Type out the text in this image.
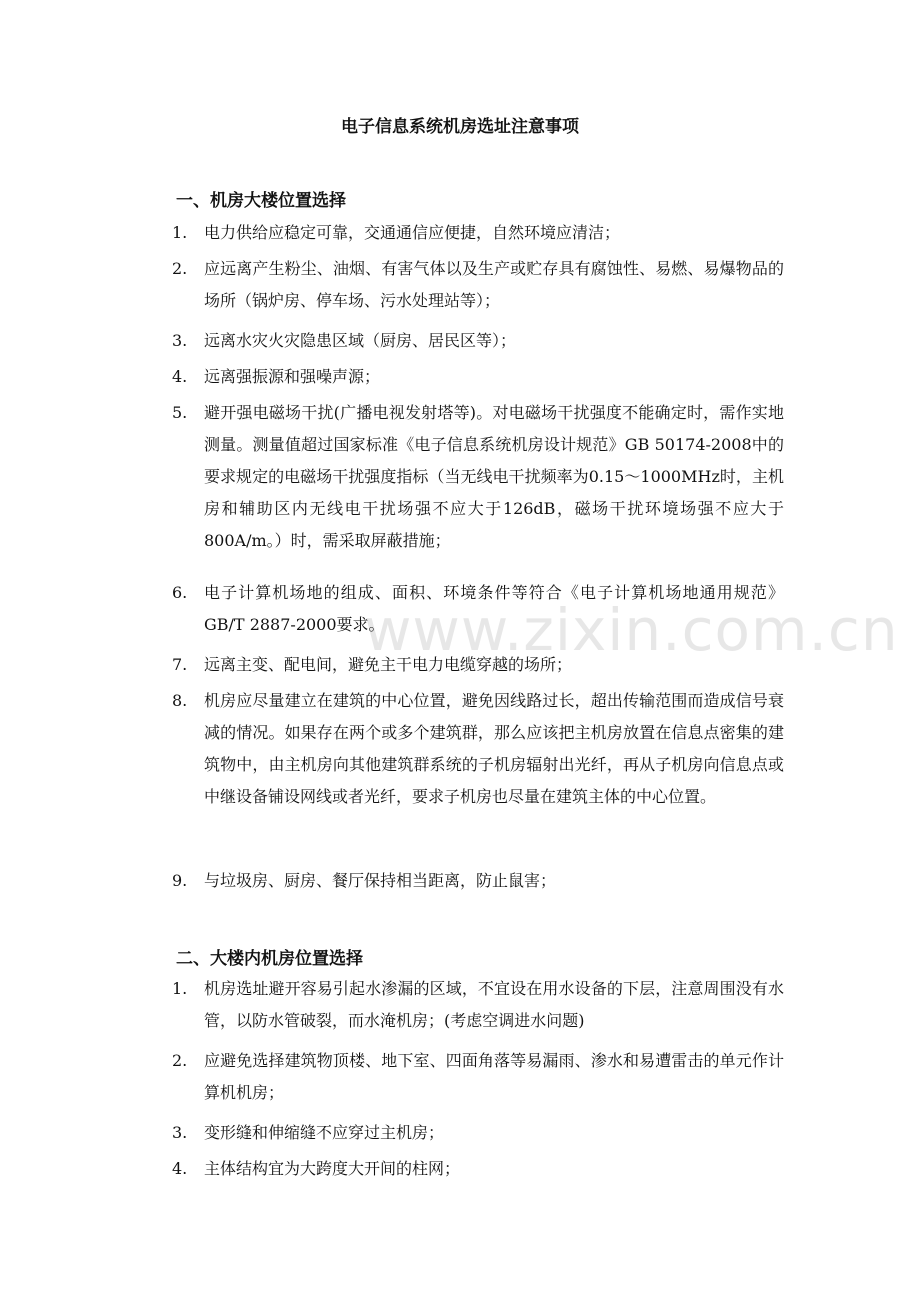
www.zixin.com.cn
电子信息系统机房选址注意事项
一、机房大楼位置选择
1. 电力供给应稳定可靠，交通通信应便捷，自然环境应清洁；
2. 应远离产生粉尘、油烟、有害气体以及生产或贮存具有腐蚀性、易燃、易爆物品的场所（锅炉房、停车场、污水处理站等）；
3. 远离水灾火灾隐患区域（厨房、居民区等）；
4. 远离强振源和强噪声源；
5. 避开强电磁场干扰(广播电视发射塔等)。对电磁场干扰强度不能确定时，需作实地测量。测量值超过国家标准《电子信息系统机房设计规范》GB 50174-2008中的要求规定的电磁场干扰强度指标（当无线电干扰频率为0.15～1000MHz时，主机房和辅助区内无线电干扰场强不应大于126dB，磁场干扰环境场强不应大于800A/m。）时，需采取屏蔽措施；
6. 电子计算机场地的组成、面积、环境条件等符合《电子计算机场地通用规范》GB/T 2887-2000要求。
7. 远离主变、配电间，避免主干电力电缆穿越的场所；
8. 机房应尽量建立在建筑的中心位置，避免因线路过长，超出传输范围而造成信号衰减的情况。如果存在两个或多个建筑群，那么应该把主机房放置在信息点密集的建筑物中，由主机房向其他建筑群系统的子机房辐射出光纤，再从子机房向信息点或中继设备铺设网线或者光纤，要求子机房也尽量在建筑主体的中心位置。
9. 与垃圾房、厨房、餐厅保持相当距离，防止鼠害；
二、大楼内机房位置选择
1. 机房选址避开容易引起水渗漏的区域，不宜设在用水设备的下层，注意周围没有水管，以防水管破裂，而水淹机房；(考虑空调进水问题)
2. 应避免选择建筑物顶楼、地下室、四面角落等易漏雨、渗水和易遭雷击的单元作计算机机房；
3. 变形缝和伸缩缝不应穿过主机房；
4. 主体结构宜为大跨度大开间的柱网；
